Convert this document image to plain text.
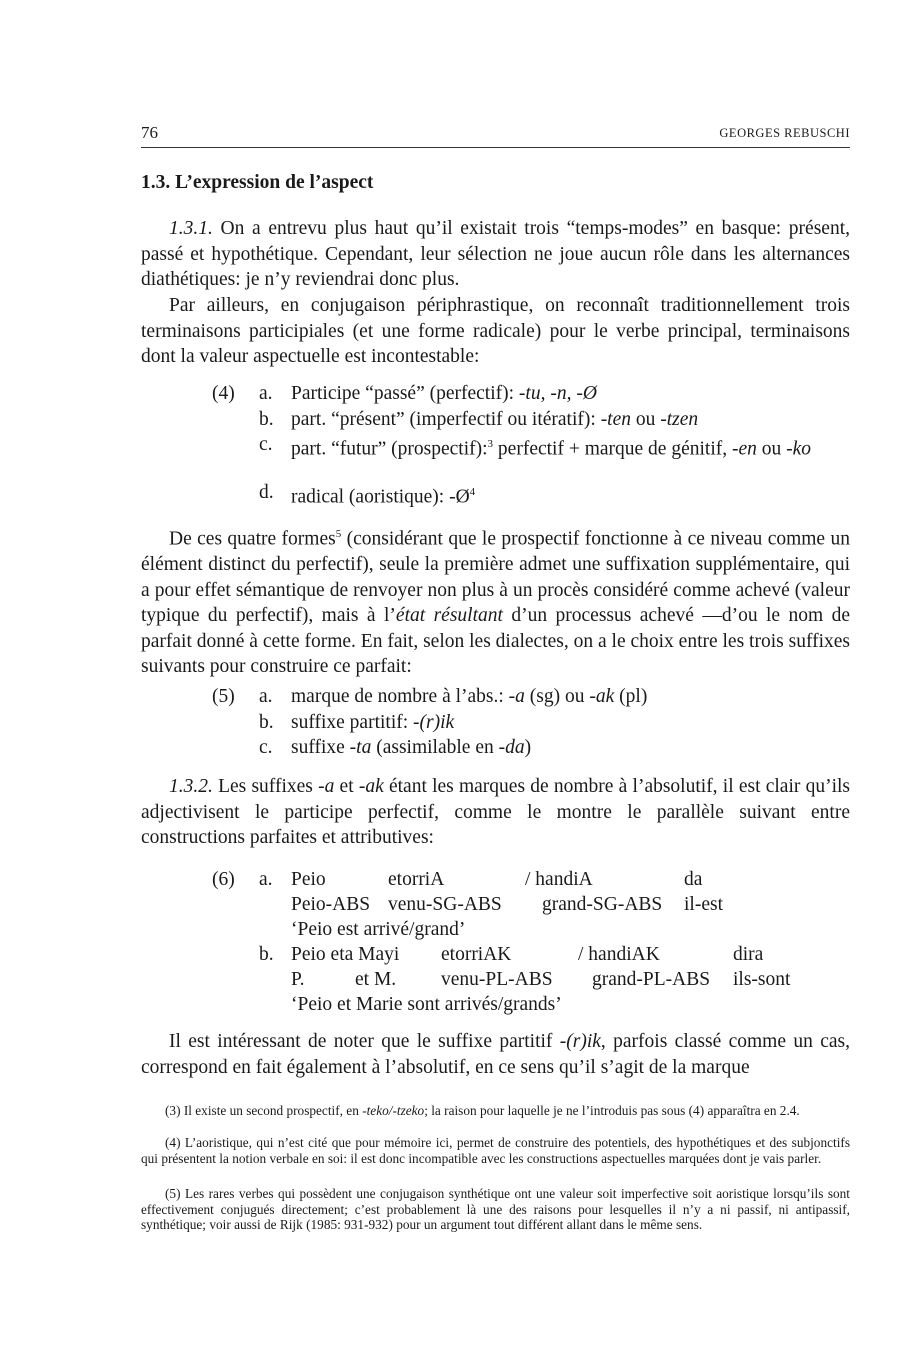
76	GEORGES REBUSCHI
1.3. L’expression de l’aspect

1.3.1. On a entrevu plus haut qu’il existait trois “temps-modes” en basque: présent, passé et hypothétique. Cependant, leur sélection ne joue aucun rôle dans les alternances diathétiques: je n’y reviendrai donc plus.

Par ailleurs, en conjugaison périphrastique, on reconnaît traditionnellement trois terminaisons participiales (et une forme radicale) pour le verbe principal, terminaisons dont la valeur aspectuelle est incontestable:

(4) a. Participe “passé” (perfectif): -tu, -n, -Ø
b. part. “présent” (imperfectif ou itératif): -ten ou -tzen
c. part. “futur” (prospectif):$^3$ perfectif + marque de génitif, -en ou -ko
d. radical (aoristique): $-Ø^4$

De ces quatre formes$^5$ (considérant que le prospectif fonctionne à ce niveau comme un élément distinct du perfectif), seule la première admet une suffixation supplémentaire, qui a pour effet sémantique de renvoyer non plus à un procès considéré comme achevé (valeur typique du perfectif), mais à l’état résultant d’un processus achevé —d’ou le nom de parfait donné à cette forme. En fait, selon les dialectes, on a le choix entre les trois suffixes suivants pour construire ce parfait:

(5) a. marque de nombre à l’abs.: -a (sg) ou -ak (pl)
b. suffixe partitif: -(r)ik
c. suffixe -ta (assimilable en -da)

1.3.2. Les suffixes -a et -ak étant les marques de nombre à l’absolutif, il est clair qu’ils adjectivisent le participe perfectif, comme le montre le parallèle suivant entre constructions parfaites et attributives:

(6) a. Peio	etorriA	/ handiA	da
Peio-ABS venu-SG-ABS grand-SG-ABS il-est
‘Peio est arrivé/grand’
b. Peio eta Mayi etorriAK	/ handiAK	dira
P.	et M. venu-PL-ABS grand-PL-ABS ils-sont
‘Peio et Marie sont arrivés/grands’

Il est intéressant de noter que le suffixe partitif -(r)ik, parfois classé comme un cas, correspond en fait également à l’absolutif, en ce sens qu’il s’agit de la marque

(3) Il existe un second prospectif, en -teko/-tzeko; la raison pour laquelle je ne l’introduis pas sous (4) apparaîtra en 2.4.

(4) L’aoristique, qui n’est cité que pour mémoire ici, permet de construire des potentiels, des hypothétiques et des subjonctifs qui présentent la notion verbale en soi: il est donc incompatible avec les constructions aspectuelles marquées dont je vais parler.

(5) Les rares verbes qui possèdent une conjugaison synthétique ont une valeur soit imperfective soit aoristique lorsqu’ils sont effectivement conjugués directement; c’est probablement là une des raisons pour lesquelles il n’y a ni passif, ni antipassif, synthétique; voir aussi de Rijk (1985: 931-932) pour un argument tout différent allant dans le même sens.
